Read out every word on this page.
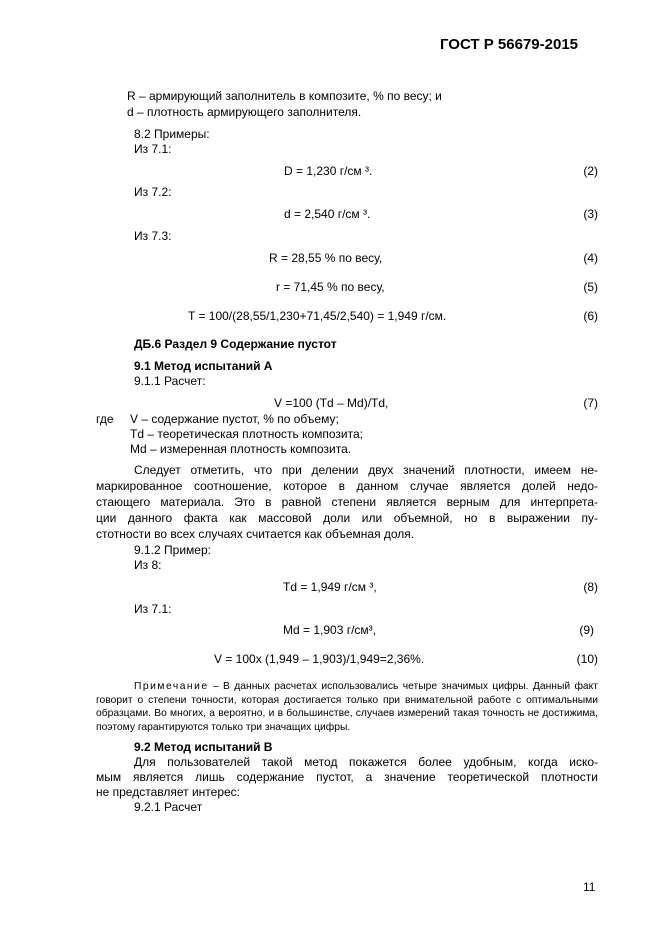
ГОСТ Р 56679-2015
R – армирующий заполнитель в композите, % по весу; и
d – плотность армирующего заполнителя.
8.2 Примеры:
Из 7.1:
D = 1,230 г/см ³.	(2)
Из 7.2:
d = 2,540 г/см ³.	(3)
Из 7.3:
R = 28,55 % по весу,	(4)
r = 71,45 % по весу,	(5)
T = 100/(28,55/1,230+71,45/2,540) = 1,949 г/см.	(6)
ДБ.6 Раздел 9 Содержание пустот
9.1 Метод испытаний А
9.1.1 Расчет:
V =100 (Td – Md)/Td,	(7)
где V – содержание пустот, % по объему;
Td – теоретическая плотность композита;
Md – измеренная плотность композита.
Следует отметить, что при делении двух значений плотности, имеем не-
маркированное соотношение, которое в данном случае является долей недо-
стающего материала. Это в равной степени является верным для интерпрета-
ции данного факта как массовой доли или объемной, но в выражении пу-
стотности во всех случаях считается как объемная доля.
9.1.2 Пример:
Из 8:
Td = 1,949 г/см ³,	(8)
Из 7.1:
Md = 1,903 г/см³,	(9)
V = 100х (1,949 – 1,903)/1,949=2,36%.	(10)
Примечание – В данных расчетах использовались четыре значимых цифры. Данный факт говорит о степени точности, которая достигается только при внимательной работе с оптимальными образцами. Во многих, а вероятно, и в большинстве, случаев измерений такая точность не достижима, поэтому гарантируются только три значащих цифры.
9.2 Метод испытаний В
Для пользователей такой метод покажется более удобным, когда иско-
мым является лишь содержание пустот, а значение теоретической плотности
не представляет интерес:
9.2.1 Расчет
11
